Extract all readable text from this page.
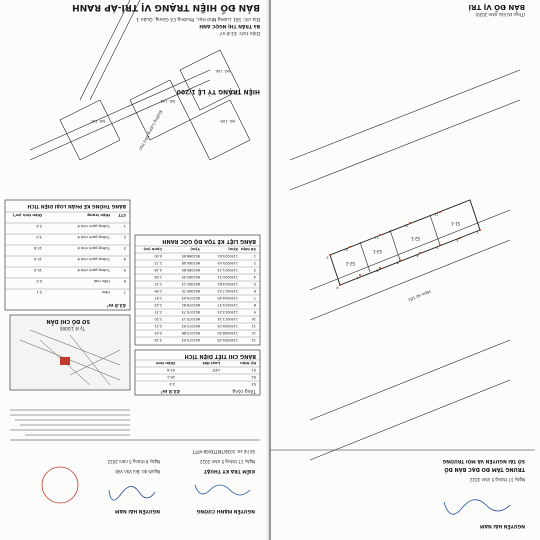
BẢN ĐỒ HIỆN TRẠNG VỊ TRÍ-ÁP RANH
Địa chỉ: 181 Lương Nhữ Học, Phường Cô Giang, Quận 1
Bà TRẦN THỊ NGỌC ANH
Diện tích: 43.8 m²
HIỆN TRẠNG TỶ LỆ 1/200
Đường Lương Nhữ Học
NG. 10A
NG. 10B
NG. 10C	NG. 10D
BẢNG LIỆT KÊ TỌA ĐỘ GÓC RANH
Số hiệu
X(m)
Y(m)
Cạnh (m)
1
1190025.81
602086.65
0.00
2
1190025.09
602084.48
2.13
3
1190021.13
602085.80
4.18
4
1190020.31
602083.35
2.58
5
1190019.82
602082.13
1.32
6
1190017.23
602080.70
2.96
7
1190016.40
602079.03
1.87
8
1190015.37
602076.82
2.43
9
1190013.25
602075.75
2.37
10
1190011.14
602075.13
2.20
11
1190009.29
602073.93
2.21
12
1190008.40
602073.66
0.93
13
1190005.28
602073.03
3.18
BẢNG CHI TIẾT DIỆN TÍCH
Ký hiệu
Loại đất
Diện tích
S1
ODT
43.8
S2
26.1
S3
2.4
Tổng cộng
43.8 m²
BẢNG THỐNG KÊ PHÂN LOẠI DIỆN TÍCH
STT
Hiện trạng
Diện tích (m²)
1
Tường gạch nhà ở
2.4
2
Tường gạch nhà ở
3.0
3
Tường gạch nhà ở
10.8
4
Tường gạch nhà ở
15.0
5
Tường gạch nhà ở
10.0
6
Hiên mái
0.5
7
Hẻm
2.1
43.8 m²
SƠ ĐỒ CHỈ DẪN
Tỷ lệ 1/2000
Số hồ sơ: 1038/TMTTĐ/08-VPTT
Ngày 17 tháng 5 năm 2022
KIỂM TRA KỸ THUẬT
NGUYỄN MẠNH CƯỜNG
Ngày 9 tháng 5 năm 2022
Người đo: Bùi Văn Việt
NGUYỄN HẢI NAM
BẢN ĐỒ VỊ TRÍ
(Theo tài liệu năm 2020)
1
2
3
4
5
6
7
8
9
10
11
12
13
S1-1
S2-1
S3-1
S2-2
Hẻm số 181
SỞ TÀI NGUYÊN VÀ MÔI TRƯỜNG
TRUNG TÂM ĐO ĐẠC BẢN ĐỒ
Ngày 17 tháng 5 năm 2022
NGUYỄN HẢI NAM
